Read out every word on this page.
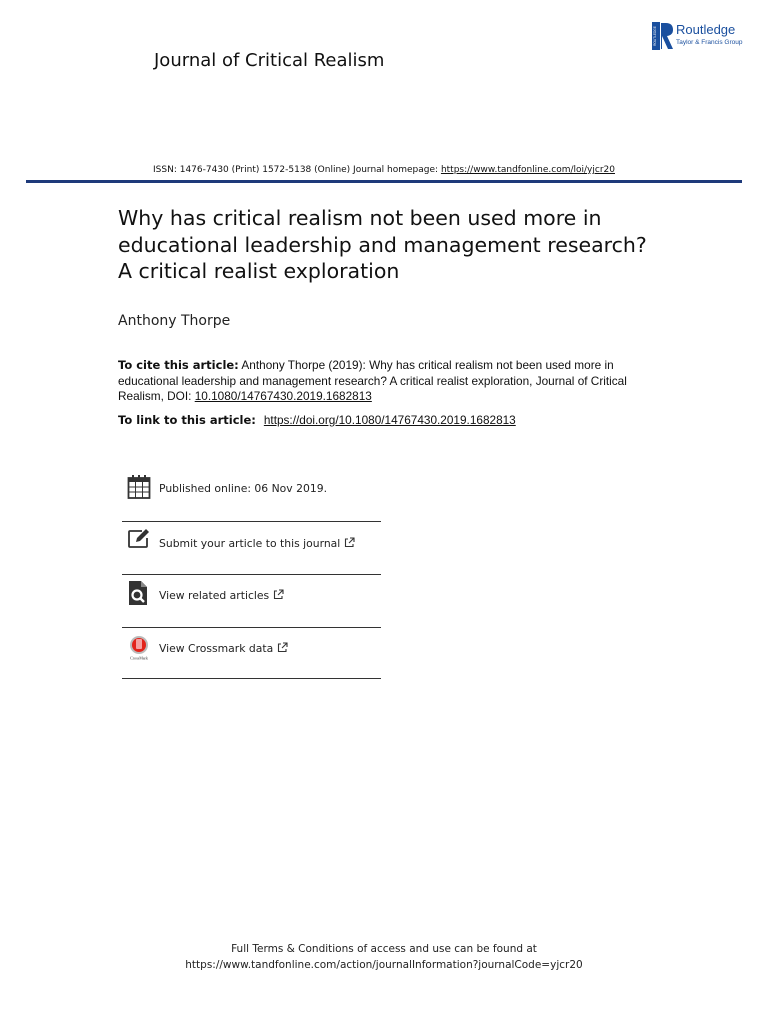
Journal of Critical Realism
ROUTLEDGE Routledge
Taylor & Francis Group
ISSN: 1476-7430 (Print) 1572-5138 (Online) Journal homepage: https://www.tandfonline.com/loi/yjcr20
Why has critical realism not been used more in educational leadership and management research? A critical realist exploration
Anthony Thorpe
To cite this article: Anthony Thorpe (2019): Why has critical realism not been used more in educational leadership and management research? A critical realist exploration, Journal of Critical Realism, DOI: 10.1080/14767430.2019.1682813
To link to this article: https://doi.org/10.1080/14767430.2019.1682813
Published online: 06 Nov 2019.
Submit your article to this journal
View related articles
CrossMark
View Crossmark data
Full Terms & Conditions of access and use can be found at
https://www.tandfonline.com/action/journalInformation?journalCode=yjcr20
